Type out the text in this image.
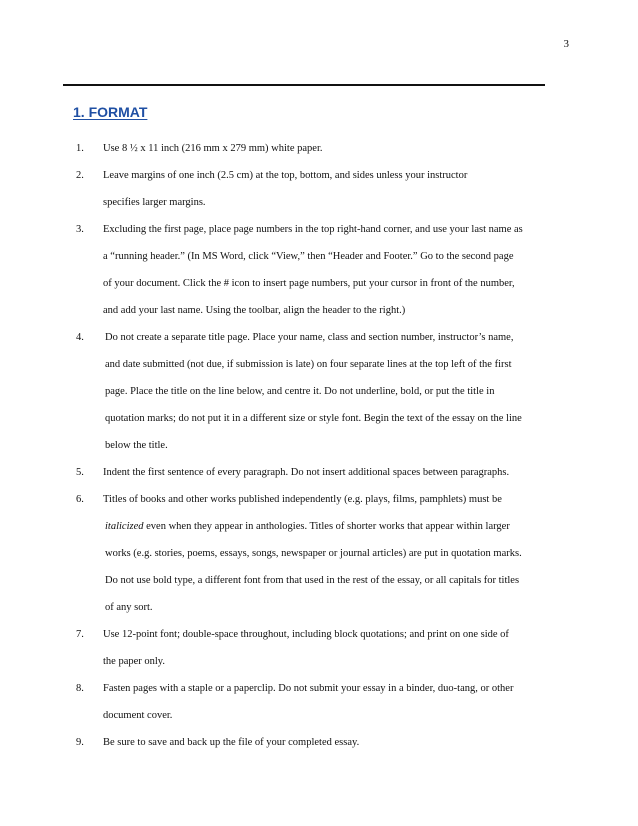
3
1. FORMAT
1. Use 8 ½ x 11 inch (216 mm x 279 mm) white paper.
2. Leave margins of one inch (2.5 cm) at the top, bottom, and sides unless your instructor
specifies larger margins.
3. Excluding the first page, place page numbers in the top right-hand corner, and use your last name as
a “running header.” (In MS Word, click “View,” then “Header and Footer.” Go to the second page
of your document. Click the # icon to insert page numbers, put your cursor in front of the number,
and add your last name. Using the toolbar, align the header to the right.)
4. Do not create a separate title page. Place your name, class and section number, instructor’s name,
and date submitted (not due, if submission is late) on four separate lines at the top left of the first
page. Place the title on the line below, and centre it. Do not underline, bold, or put the title in
quotation marks; do not put it in a different size or style font. Begin the text of the essay on the line
below the title.
5. Indent the first sentence of every paragraph. Do not insert additional spaces between paragraphs.
6. Titles of books and other works published independently (e.g. plays, films, pamphlets) must be
italicized even when they appear in anthologies. Titles of shorter works that appear within larger
works (e.g. stories, poems, essays, songs, newspaper or journal articles) are put in quotation marks.
Do not use bold type, a different font from that used in the rest of the essay, or all capitals for titles
of any sort.
7. Use 12-point font; double-space throughout, including block quotations; and print on one side of
the paper only.
8. Fasten pages with a staple or a paperclip. Do not submit your essay in a binder, duo-tang, or other
document cover.
9. Be sure to save and back up the file of your completed essay.
